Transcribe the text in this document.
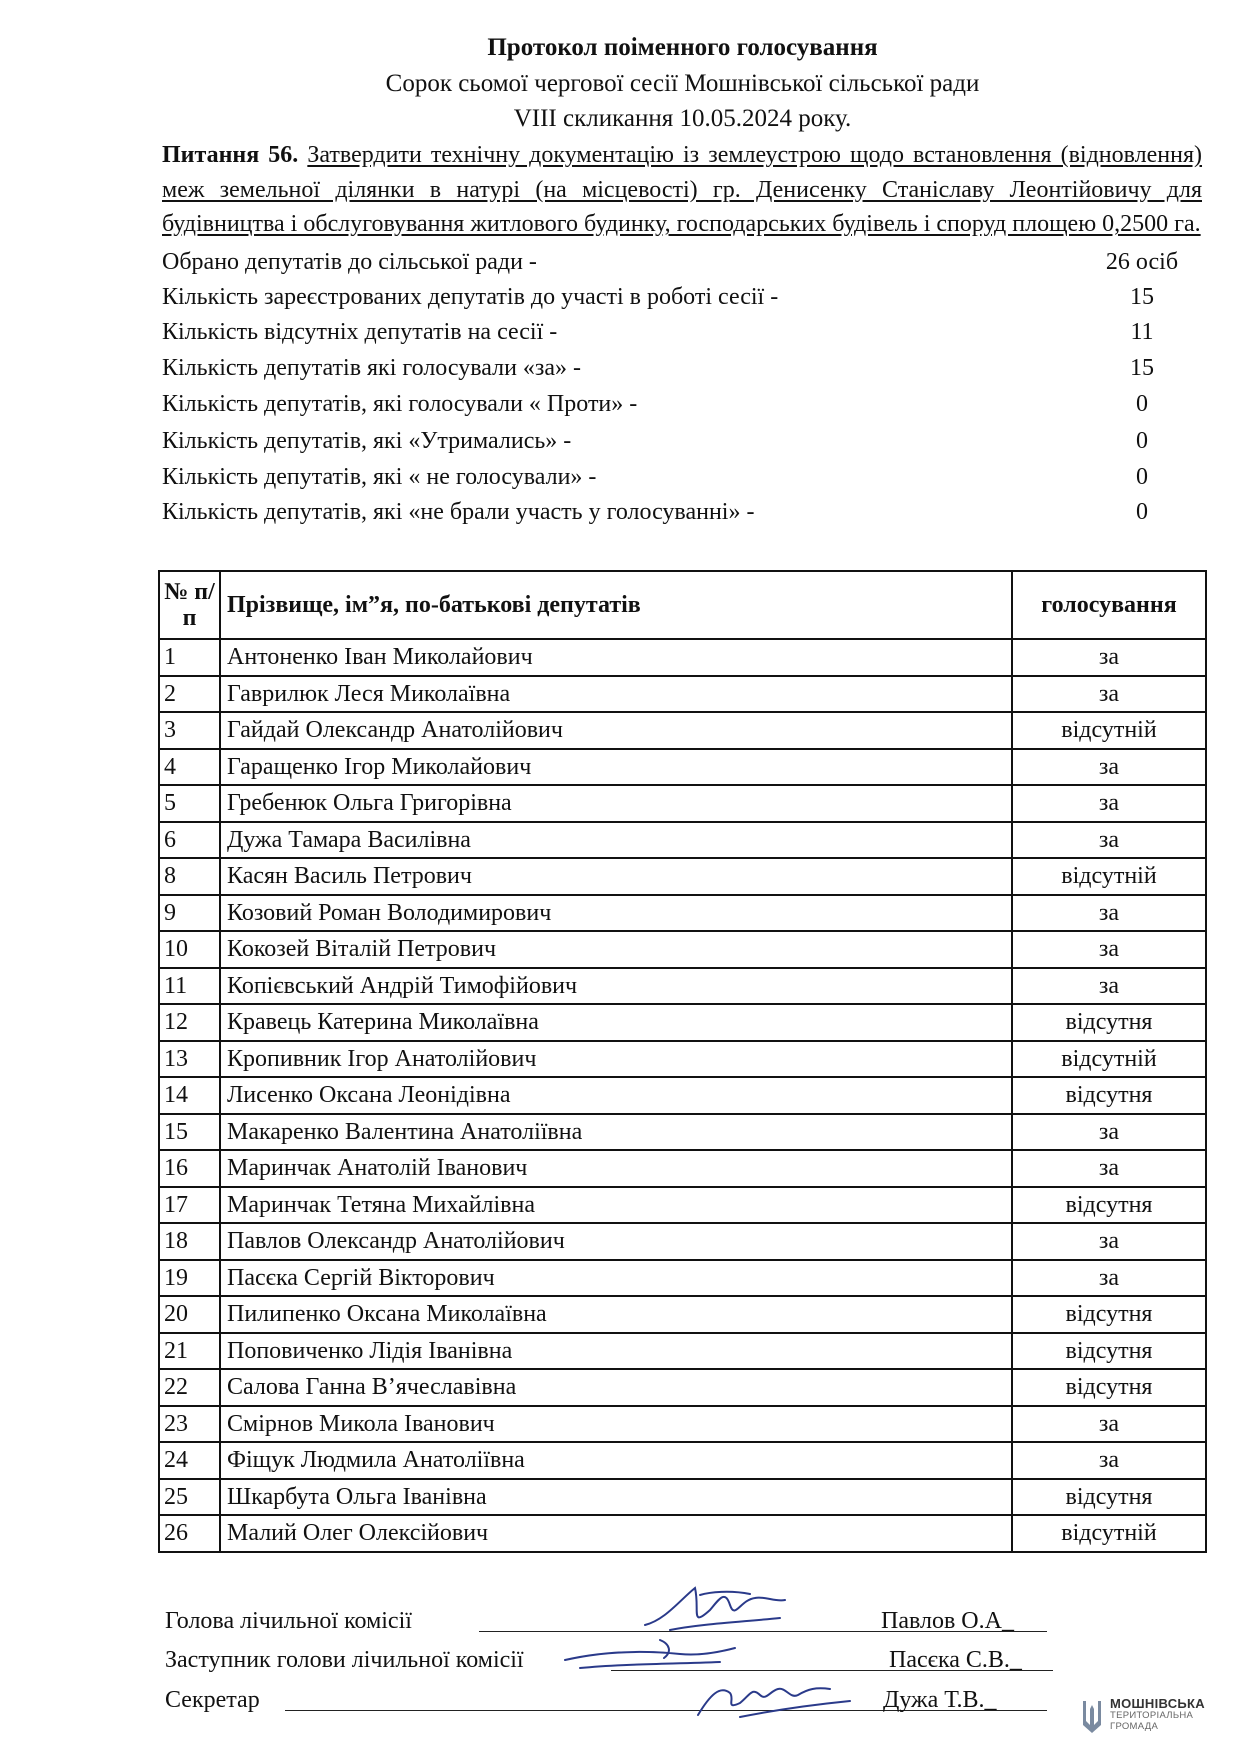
Протокол поіменного голосування
Сорок сьомої чергової сесії Мошнівської сільської ради
VIII скликання 10.05.2024 року.
Питання 56. Затвердити технічну документацію із землеустрою щодо встановлення (відновлення) меж земельної ділянки в натурі (на місцевості) гр. Денисенку Станіславу Леонтійовичу для будівництва і обслуговування житлового будинку, господарських будівель і споруд площею 0,2500 га.
Обрано депутатів до сільської ради -	26 осіб
Кількість зареєстрованих депутатів до участі в роботі сесії -	15
Кількість відсутніх депутатів на сесії -	11
Кількість депутатів які голосували «за» -	15
Кількість депутатів, які голосували « Проти» -	0
Кількість депутатів, які «Утримались» -	0
Кількість депутатів, які « не голосували» -	0
Кількість депутатів, які «не брали участь у голосуванні» -	0
№ п/п	Прізвище, ім”я, по-батькові депутатів	голосування
1	Антоненко Іван Миколайович	за
2	Гаврилюк Леся Миколаївна	за
3	Гайдай Олександр Анатолійович	відсутній
4	Гаращенко Ігор Миколайович	за
5	Гребенюк Ольга Григорівна	за
6	Дужа Тамара Василівна	за
8	Касян Василь Петрович	відсутній
9	Козовий Роман Володимирович	за
10	Кокозей Віталій Петрович	за
11	Копієвський Андрій Тимофійович	за
12	Кравець Катерина Миколаївна	відсутня
13	Кропивник Ігор Анатолійович	відсутній
14	Лисенко Оксана Леонідівна	відсутня
15	Макаренко Валентина Анатоліївна	за
16	Маринчак Анатолій Іванович	за
17	Маринчак Тетяна Михайлівна	відсутня
18	Павлов Олександр Анатолійович	за
19	Пасєка Сергій Вікторович	за
20	Пилипенко Оксана Миколаївна	відсутня
21	Поповиченко Лідія Іванівна	відсутня
22	Салова Ганна В’ячеславівна	відсутня
23	Смірнов Микола Іванович	за
24	Фіщук Людмила Анатоліївна	за
25	Шкарбута Ольга Іванівна	відсутня
26	Малий Олег Олексійович	відсутній
Голова лічильної комісії	Павлов О.А_
Заступник голови лічильної комісії	Пасєка С.В._
Секретар	Дужа Т.В._	МОШНІВСЬКА
ТЕРИТОРІАЛЬНА
ГРОМАДА
